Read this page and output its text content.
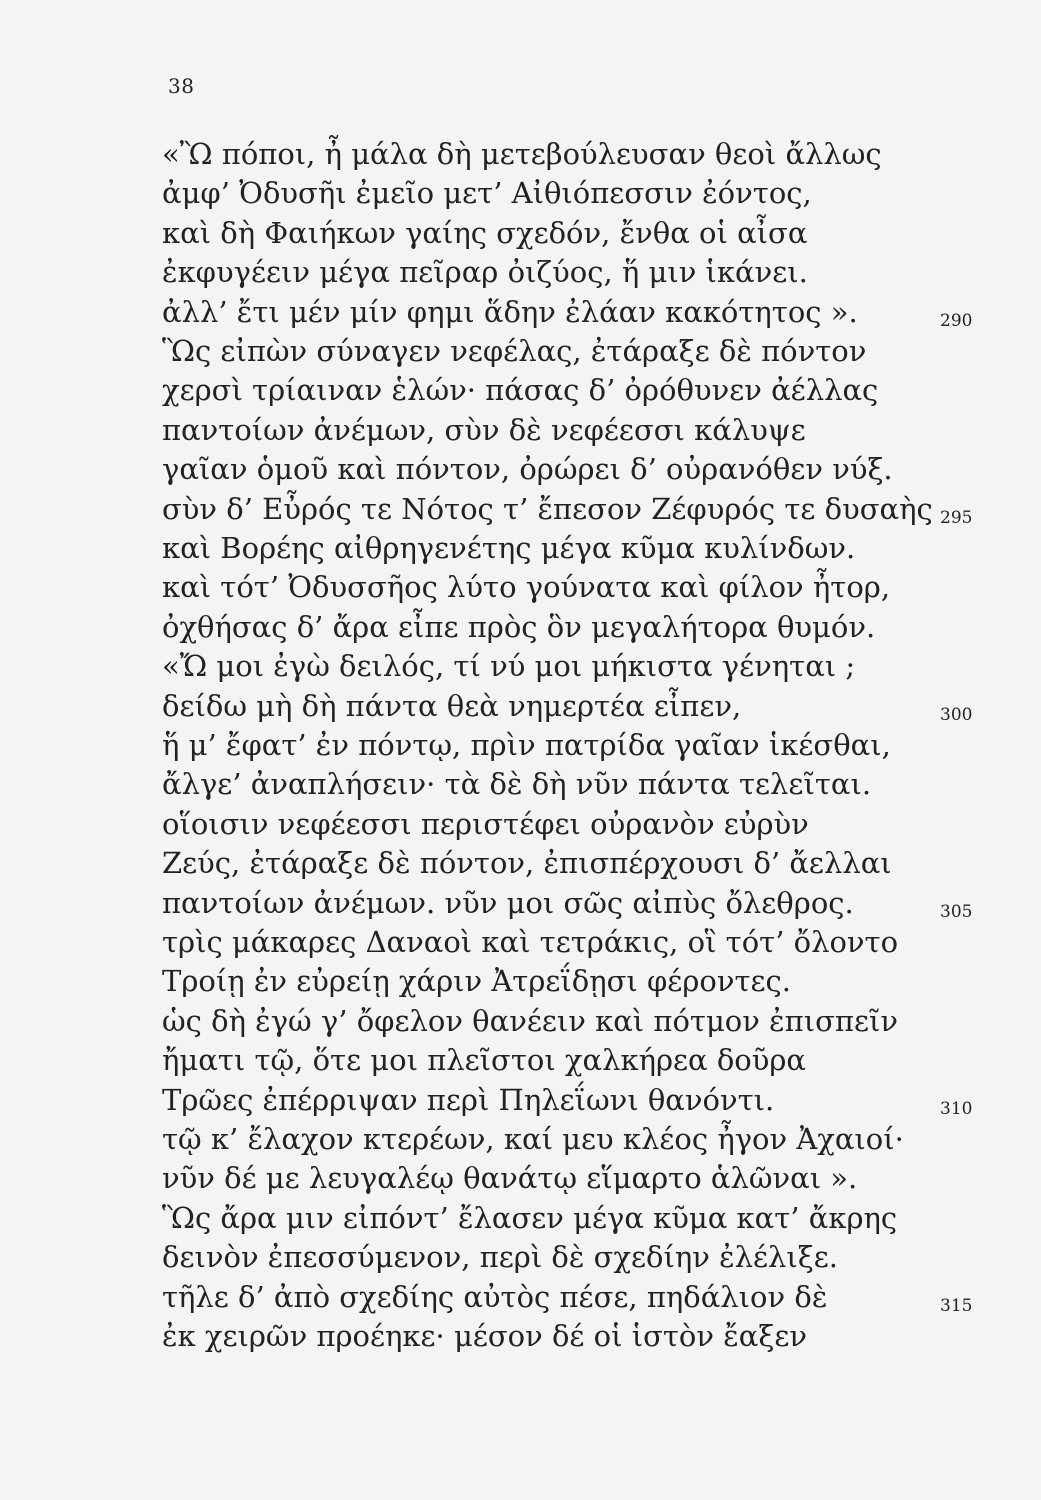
38
«Ὢ πόποι, ἦ μάλα δὴ μετεβούλευσαν θεοὶ ἄλλως
ἀμφ’ Ὀδυσῆι ἐμεῖο μετ’ Αἰθιόπεσσιν ἐόντος,
καὶ δὴ Φαιήκων γαίης σχεδόν, ἔνθα οἱ αἶσα
ἐκφυγέειν μέγα πεῖραρ ὀιζύος, ἥ μιν ἱκάνει.
ἀλλ’ ἔτι μέν μίν φημι ἅδην ἐλάαν κακότητος ».	290
Ὣς εἰπὼν σύναγεν νεφέλας, ἐτάραξε δὲ πόντον
χερσὶ τρίαιναν ἑλών· πάσας δ’ ὀρόθυνεν ἀέλλας
παντοίων ἀνέμων, σὺν δὲ νεφέεσσι κάλυψε
γαῖαν ὁμοῦ καὶ πόντον, ὀρώρει δ’ οὐρανόθεν νύξ.
σὺν δ’ Εὖρός τε Νότος τ’ ἔπεσον Ζέφυρός τε δυσαὴς 295
καὶ Βορέης αἰθρηγενέτης μέγα κῦμα κυλίνδων.
καὶ τότ’ Ὀδυσσῆος λύτο γούνατα καὶ φίλον ἦτορ,
ὀχθήσας δ’ ἄρα εἶπε πρὸς ὃν μεγαλήτορα θυμόν.
«Ὤ μοι ἐγὼ δειλός, τί νύ μοι μήκιστα γένηται ;
δείδω μὴ δὴ πάντα θεὰ νημερτέα εἶπεν,	300
ἥ μ’ ἔφατ’ ἐν πόντῳ, πρὶν πατρίδα γαῖαν ἱκέσθαι,
ἄλγε’ ἀναπλήσειν· τὰ δὲ δὴ νῦν πάντα τελεῖται.
οἵοισιν νεφέεσσι περιστέφει οὐρανὸν εὐρὺν
Ζεύς, ἐτάραξε δὲ πόντον, ἐπισπέρχουσι δ’ ἄελλαι
παντοίων ἀνέμων. νῦν μοι σῶς αἰπὺς ὄλεθρος.	305
τρὶς μάκαρες Δαναοὶ καὶ τετράκις, οἳ τότ’ ὄλοντο
Τροίῃ ἐν εὐρείῃ χάριν Ἀτρεΐδῃσι φέροντες.
ὡς δὴ ἐγώ γ’ ὄφελον θανέειν καὶ πότμον ἐπισπεῖν
ἤματι τῷ, ὅτε μοι πλεῖστοι χαλκήρεα δοῦρα
Τρῶες ἐπέρριψαν περὶ Πηλεΐωνι θανόντι.	310
τῷ κ’ ἔλαχον κτερέων, καί μευ κλέος ἦγον Ἀχαιοί·
νῦν δέ με λευγαλέῳ θανάτῳ εἵμαρτο ἁλῶναι ».
Ὣς ἄρα μιν εἰπόντ’ ἔλασεν μέγα κῦμα κατ’ ἄκρης
δεινὸν ἐπεσσύμενον, περὶ δὲ σχεδίην ἐλέλιξε.
τῆλε δ’ ἀπὸ σχεδίης αὐτὸς πέσε, πηδάλιον δὲ	315
ἐκ χειρῶν προέηκε· μέσον δέ οἱ ἱστὸν ἔαξεν
